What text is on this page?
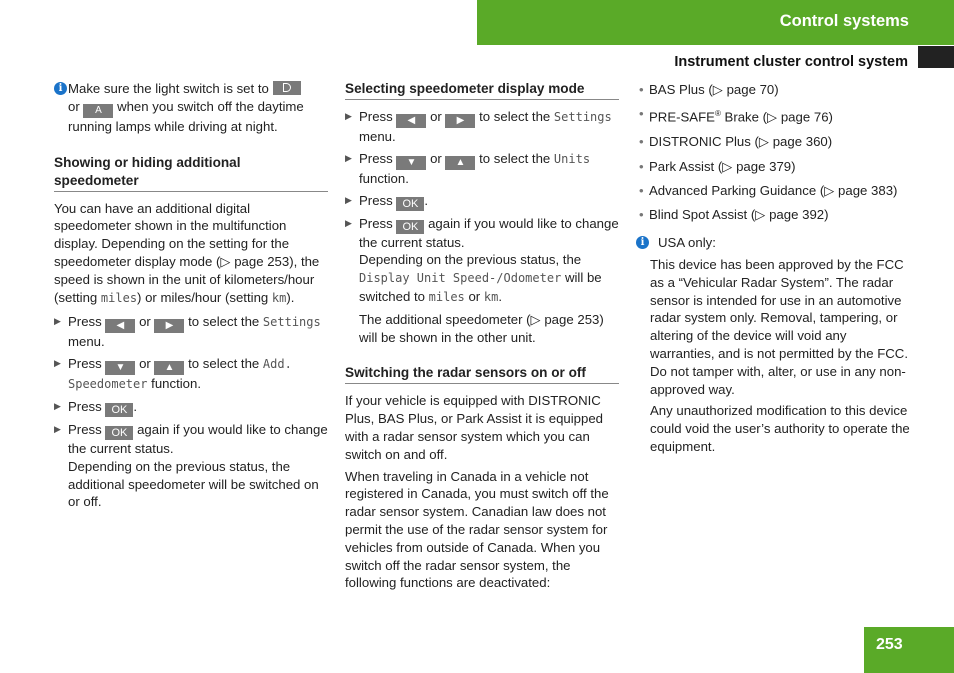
Control systems
Instrument cluster control system

i Make sure the light switch is set to

or A when you switch off the daytime running lamps while driving at night.

Showing or hiding additional speedometer

You can have an additional digital speedometer shown in the multifunction display. Depending on the setting for the speedometer display mode (▷ page 253), the speed is shown in the unit of kilometers/hour (setting miles) or miles/hour (setting km).

▶ Press ◀ or ▶ to select the Settings menu.
▶ Press ▼ or ▲ to select the Add. Speedometer function.
▶ Press OK .
▶ Press OK again if you would like to change the current status.
Depending on the previous status, the additional speedometer will be switched on or off.

Selecting speedometer display mode

▶ Press ◀ or ▶ to select the Settings menu.
▶ Press ▼ or ▲ to select the Units function.
▶ Press OK .
▶ Press OK again if you would like to change the current status.
Depending on the previous status, the Display Unit Speed-/Odometer will be switched to miles or km.

The additional speedometer (▷ page 253) will be shown in the other unit.

Switching the radar sensors on or off

If your vehicle is equipped with DISTRONIC Plus, BAS Plus, or Park Assist it is equipped with a radar sensor system which you can switch on and off.

When traveling in Canada in a vehicle not registered in Canada, you must switch off the radar sensor system. Canadian law does not permit the use of the radar sensor system for vehicles from outside of Canada. When you switch off the radar sensor system, the following functions are deactivated:

• BAS Plus (▷ page 70)
• PRE-SAFE® Brake (▷ page 76)
• DISTRONIC Plus (▷ page 360)
• Park Assist (▷ page 379)
• Advanced Parking Guidance (▷ page 383)
• Blind Spot Assist (▷ page 392)
i	USA only:

This device has been approved by the FCC as a “Vehicular Radar System”. The radar sensor is intended for use in an automotive radar system only. Removal, tampering, or altering of the device will void any warranties, and is not permitted by the FCC. Do not tamper with, alter, or use in any non-approved way.

Any unauthorized modification to this device could void the user’s authority to operate the equipment.

253
